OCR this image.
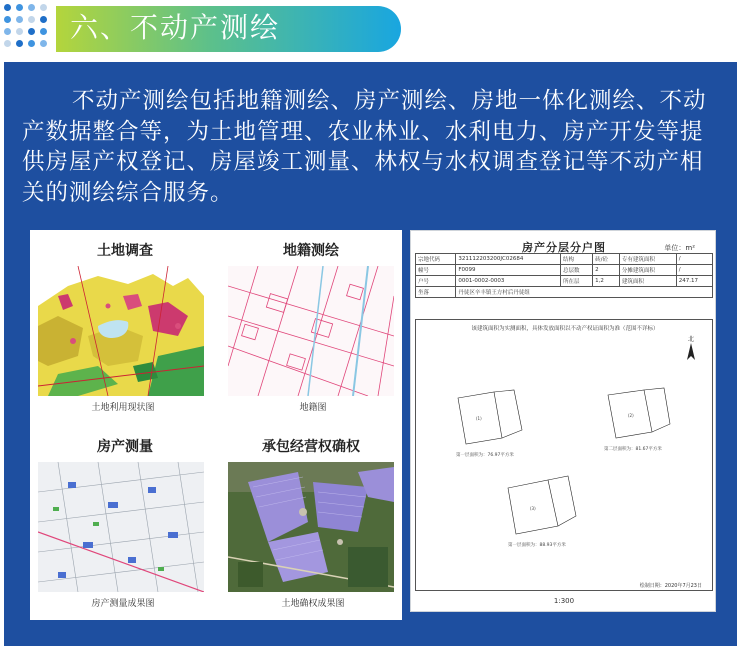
六、不动产测绘

不动产测绘包括地籍测绘、房产测绘、房地一体化测绘、不动产数据整合等，为土地管理、农业林业、水利电力、房产开发等提供房屋产权登记、房屋竣工测量、林权与水权调查登记等不动产相关的测绘综合服务。

土地调查
土地利用现状图
地籍测绘
地籍图
房产测量
房产测量成果图
承包经营权确权
土地确权成果图
房产分层分户图	单位：m²
宗地代码	321112203200JC02684	结构	砖/砼	专有建筑面积	/
幢号	F0099	总层数	2	分摊建筑面积	/
户号	0001-0002-0003	所在层	1,2	建筑面积	247.17
坐落	丹徒区辛丰镇王方村后丹徒组				
该建筑面积为实测面积，具体发放面积以不动产权证面积为准（范围不详标）
北
(1)
(2)
(3)
第一层面积为：76.97平方米
第二层面积为：81.67平方米
第一层面积为：88.93平方米
绘制日期：2020年7月23日
1:300
